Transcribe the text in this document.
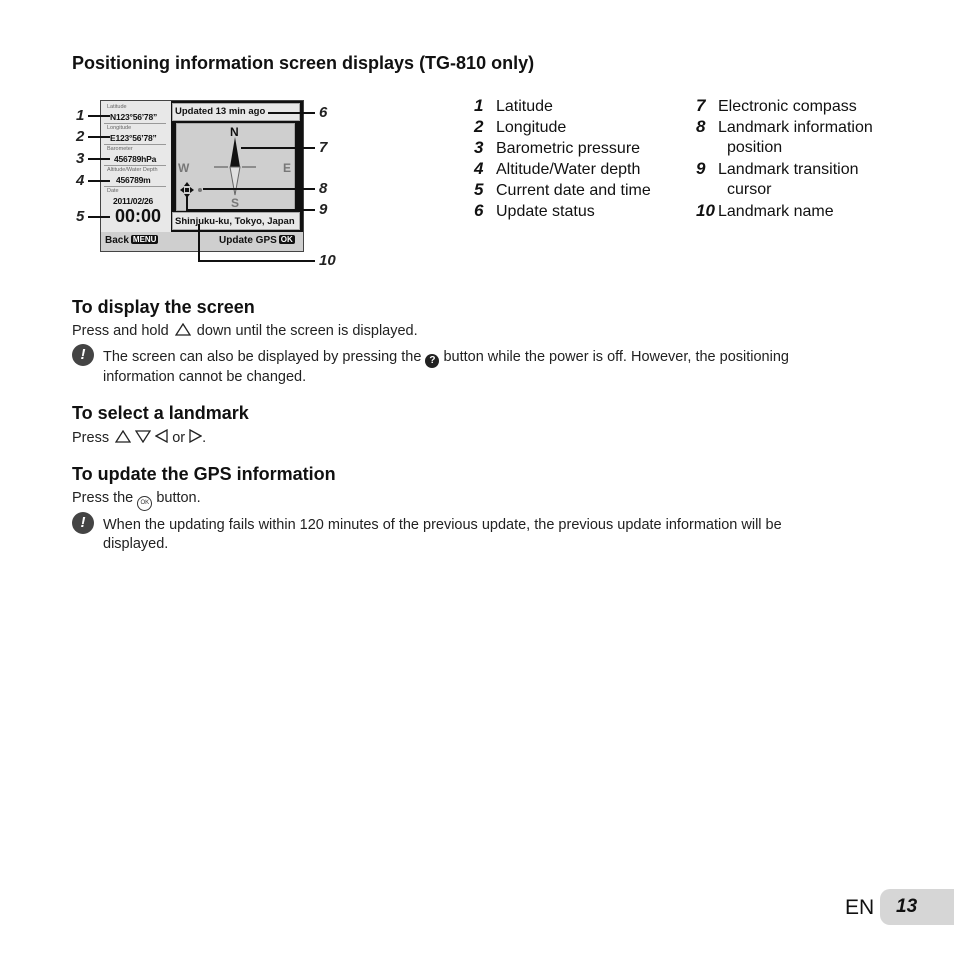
Positioning information screen displays (TG-810 only)
Latitude
N123°56’78”
Longitude
E123°56’78”
Barometer
456789hPa
Altitude/Water Depth
456789m
Date
2011/02/26
00:00
Updated 13 min ago
N
S
W	E
Shinjuku-ku, Tokyo, Japan
Back MENU	Update GPS OK
1
2
3
4
5
6
7
8
9
10
1 Latitude
2 Longitude
3 Barometric pressure
4 Altitude/Water depth
5 Current date and time
6 Update status
7 Electronic compass
8 Landmark information
position
9 Landmark transition
cursor
10 Landmark name
To display the screen
Press and hold down until the screen is displayed.
!	The screen can also be displayed by pressing the ? button while the power is off. However, the positioning
information cannot be changed.
To select a landmark
Press	or .
To update the GPS information
Press the OK button.
!	When the updating fails within 120 minutes of the previous update, the previous update information will be
displayed.
EN 13
